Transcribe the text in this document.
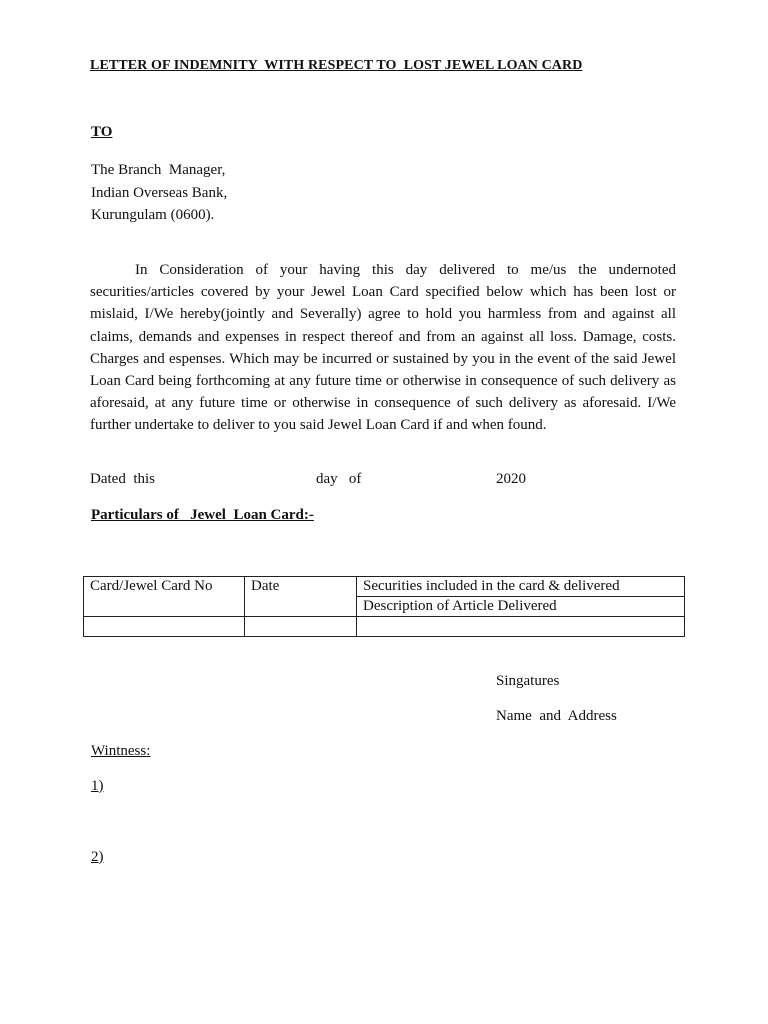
LETTER OF INDEMNITY  WITH RESPECT TO  LOST JEWEL LOAN CARD
TO
The Branch  Manager,
Indian Overseas Bank,
Kurungulam (0600).
In Consideration of your having this day delivered to me/us the undernoted securities/articles covered by your Jewel Loan Card specified below which has been lost or mislaid, I/We hereby(jointly and Severally) agree to hold you harmless from and against all claims, demands and expenses in respect thereof and from an against all loss. Damage, costs. Charges and espenses. Which may be incurred or sustained by you in the event of the said Jewel Loan Card being forthcoming at any future time or otherwise in consequence of such delivery as aforesaid, at any future time or otherwise in consequence of such delivery as aforesaid. I/We further undertake to deliver to you said Jewel Loan Card if and when found.
Dated  this	day   of	2020
Particulars of   Jewel  Loan Card:-
Card/Jewel Card No	Date	Securities included in the card & delivered
		Description of Article Delivered

Singatures
Name  and  Address
Wintness:
1)
2)
